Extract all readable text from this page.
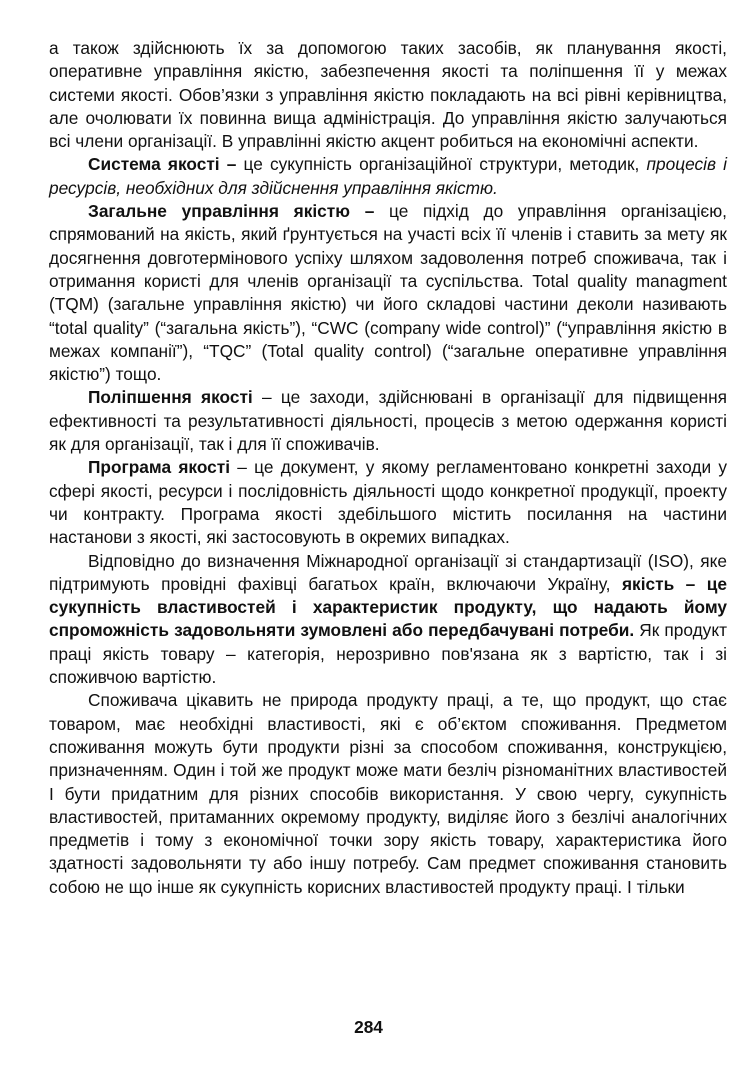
а також здійснюють їх за допомогою таких засобів, як планування якості, оперативне управління якістю, забезпечення якості та поліпшення її у межах системи якості. Обов’язки з управління якістю покладають на всі рівні керівництва, але очолювати їх повинна вища адміністрація. До управління якістю залучаються всі члени організації. В управлінні якістю акцент робиться на економічні аспекти.

Система якості – це сукупність організаційної структури, методик, процесів і ресурсів, необхідних для здійснення управління якістю.

Загальне управління якістю – це підхід до управління організацією, спрямований на якість, який ґрунтується на участі всіх її членів і ставить за мету як досягнення довготермінового успіху шляхом задоволення потреб споживача, так і отримання користі для членів організації та суспільства. Total quality managment (TQM) (загальне управління якістю) чи його складові частини деколи називають “total quality” (“загальна якість”), “CWC (company wide control)” (“управління якістю в межах компанії”), “TQC” (Total quality control) (“загальне оперативне управління якістю”) тощо.

Поліпшення якості – це заходи, здійснювані в організації для підвищення ефективності та результативності діяльності, процесів з метою одержання користі як для організації, так і для її споживачів.

Програма якості – це документ, у якому регламентовано конкретні заходи у сфері якості, ресурси і послідовність діяльності щодо конкретної продукції, проекту чи контракту. Програма якості здебільшого містить посилання на частини настанови з якості, які застосовують в окремих випадках.

Відповідно до визначення Міжнародної організації зі стандартизації (ISO), яке підтримують провідні фахівці багатьох країн, включаючи Україну, якість – це сукупність властивостей і характеристик продукту, що надають йому спроможність задовольняти зумовлені або передбачувані потреби. Як продукт праці якість товару – категорія, нерозривно пов'язана як з вартістю, так і зі споживчою вартістю.

Споживача цікавить не природа продукту праці, а те, що продукт, що стає товаром, має необхідні властивості, які є об’єктом споживання. Предметом споживання можуть бути продукти різні за способом споживання, конструкцією, призначенням. Один і той же продукт може мати безліч різноманітних властивостей І бути придатним для різних способів використання. У свою чергу, сукупність властивостей, притаманних окремому продукту, виділяє його з безлічі аналогічних предметів і тому з економічної точки зору якість товару, характеристика його здатності задовольняти ту або іншу потребу. Сам предмет споживання становить собою не що інше як сукупність корисних властивостей продукту праці. І тільки

284
